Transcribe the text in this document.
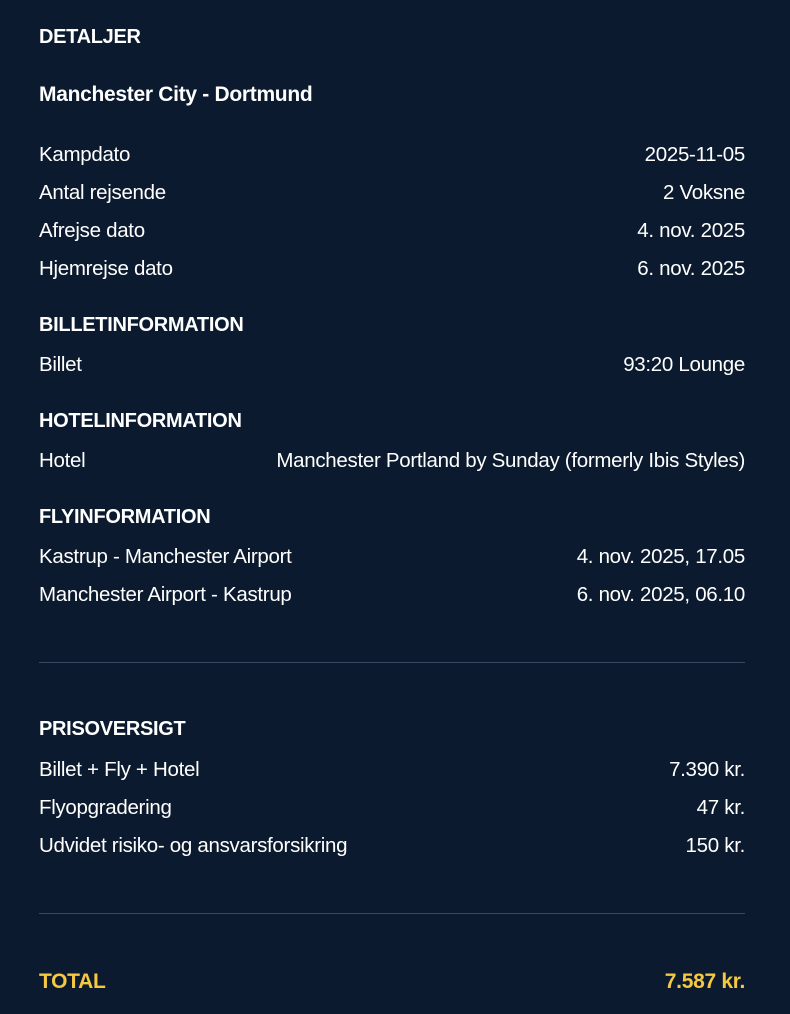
DETALJER
Manchester City - Dortmund
Kampdato	2025-11-05
Antal rejsende	2 Voksne
Afrejse dato	4. nov. 2025
Hjemrejse dato	6. nov. 2025
BILLETINFORMATION
Billet	93:20 Lounge
HOTELINFORMATION
Hotel	Manchester Portland by Sunday (formerly Ibis Styles)
FLYINFORMATION
Kastrup - Manchester Airport	4. nov. 2025, 17.05
Manchester Airport - Kastrup	6. nov. 2025, 06.10
PRISOVERSIGT
Billet + Fly + Hotel	7.390 kr.
Flyopgradering	47 kr.
Udvidet risiko- og ansvarsforsikring	150 kr.
TOTAL	7.587 kr.
